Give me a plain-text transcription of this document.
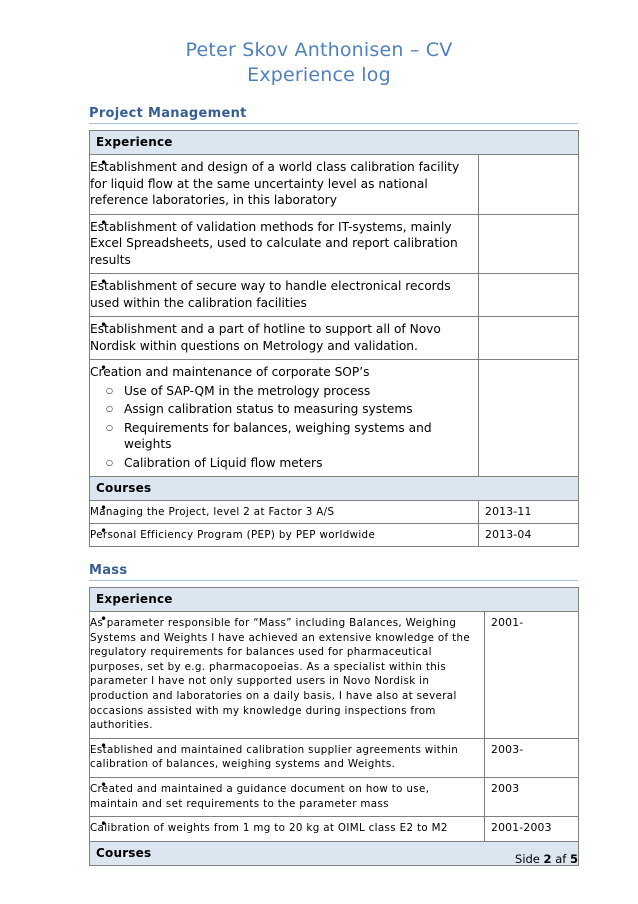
Peter Skov Anthonisen – CV
Experience log
Project Management
Experience	

• Establishment and design of a world class calibration facility for liquid flow at the same uncertainty level as national reference laboratories, in this laboratory

• Establishment of validation methods for IT-systems, mainly Excel Spreadsheets, used to calculate and report calibration results

• Establishment of secure way to handle electronical records used within the calibration facilities

• Establishment and a part of hotline to support all of Novo Nordisk within questions on Metrology and validation.

• Creation and maintenance of corporate SOP’s
○ Use of SAP-QM in the metrology process
○ Assign calibration status to measuring systems
○ Requirements for balances, weighing systems and weights
○ Calibration of Liquid flow meters

Courses	

• Managing the Project, level 2 at Factor 3 A/S	2013-11

• Personal Efficiency Program (PEP) by PEP worldwide	2013-04
Mass
Experience	

• As parameter responsible for “Mass” including Balances, Weighing Systems and Weights I have achieved an extensive knowledge of the regulatory requirements for balances used for pharmaceutical purposes, set by e.g. pharmacopoeias. As a specialist within this parameter I have not only supported users in Novo Nordisk in production and laboratories on a daily basis, I have also at several occasions assisted with my knowledge during inspections from authorities.
	2001-

• Established and maintained calibration supplier agreements within calibration of balances, weighing systems and Weights.
	2003-

• Created and maintained a guidance document on how to use, maintain and set requirements to the parameter mass
	2003

• Calibration of weights from 1 mg to 20 kg at OIML class E2 to M2	2001-2003
Courses		Side 2 af 5
